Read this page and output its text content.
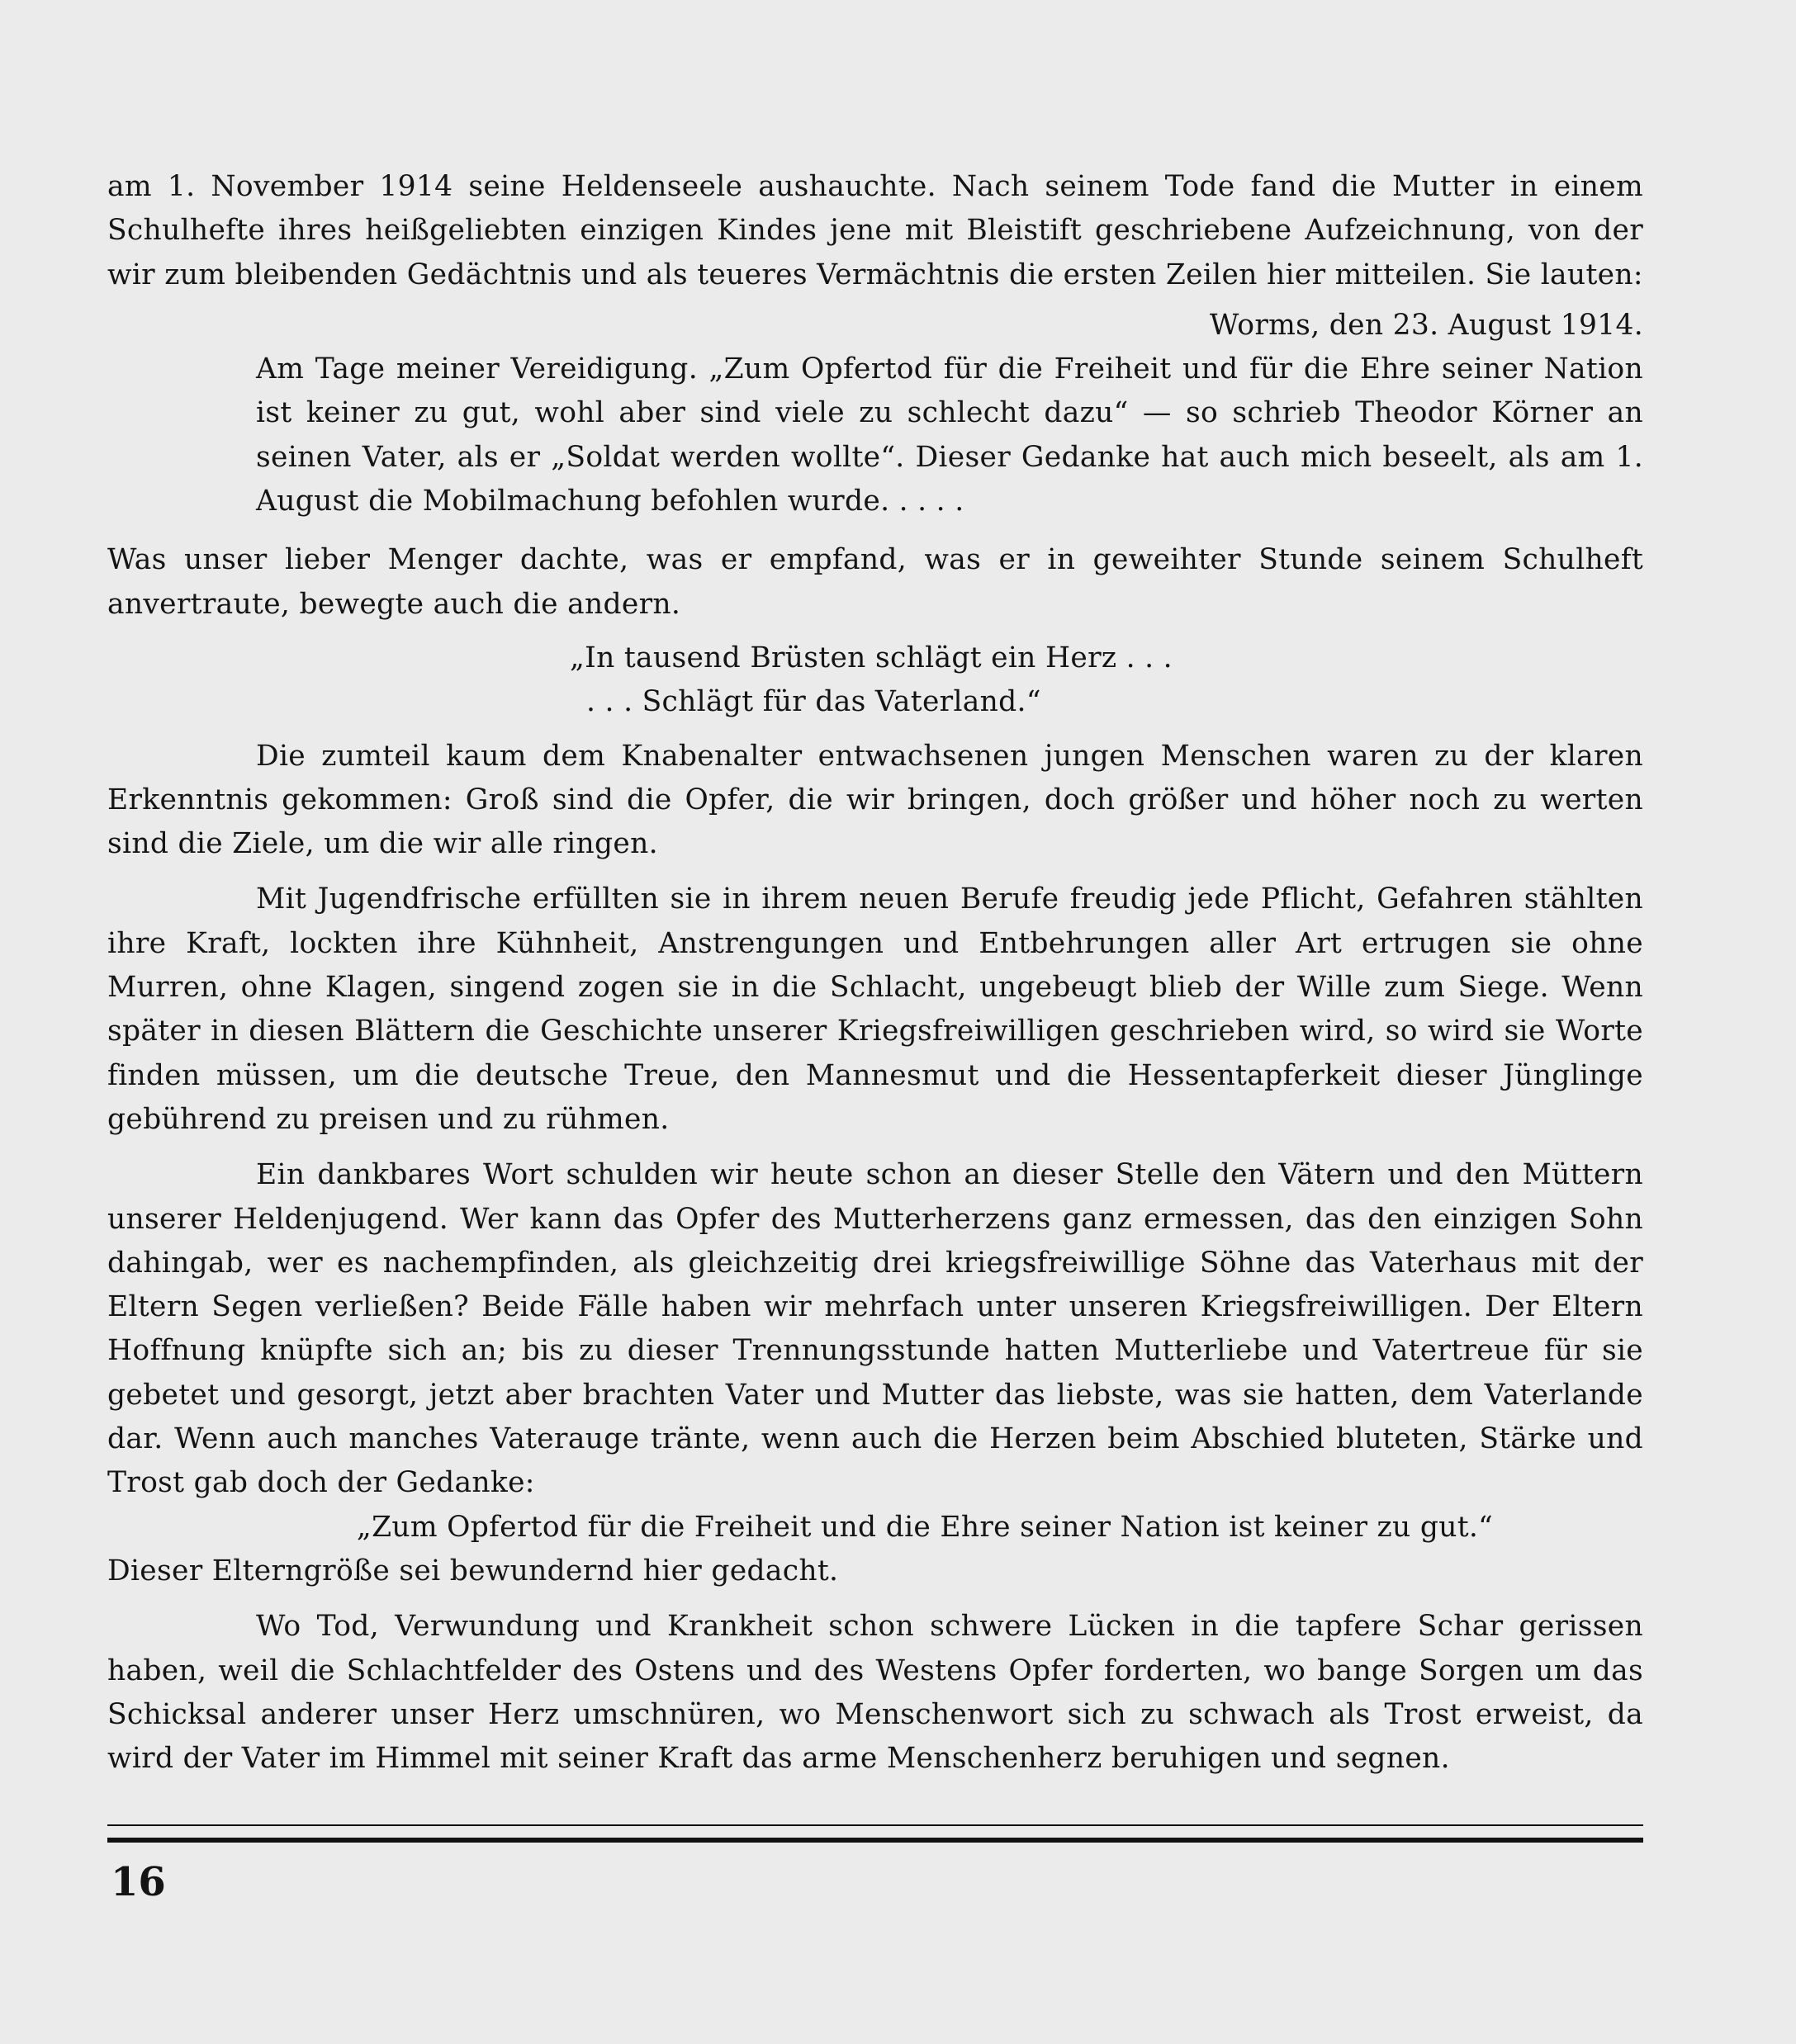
am 1. November 1914 seine Heldenseele aushauchte. Nach seinem Tode fand die Mutter in einem Schulhefte ihres heißgeliebten einzigen Kindes jene mit Bleistift geschriebene Aufzeichnung, von der wir zum bleibenden Gedächtnis und als teueres Vermächtnis die ersten Zeilen hier mitteilen. Sie lauten:

Worms, den 23. August 1914.

Am Tage meiner Vereidigung. „Zum Opfertod für die Freiheit und für die Ehre seiner Nation ist keiner zu gut, wohl aber sind viele zu schlecht dazu“ — so schrieb Theodor Körner an seinen Vater, als er „Soldat werden wollte“. Dieser Gedanke hat auch mich beseelt, als am 1. August die Mobilmachung befohlen wurde. . . . .

Was unser lieber Menger dachte, was er empfand, was er in geweihter Stunde seinem Schulheft anvertraute, bewegte auch die andern.

„In tausend Brüsten schlägt ein Herz . . .
. . . Schlägt für das Vaterland.“

Die zumteil kaum dem Knabenalter entwachsenen jungen Menschen waren zu der klaren Erkenntnis gekommen: Groß sind die Opfer, die wir bringen, doch größer und höher noch zu werten sind die Ziele, um die wir alle ringen.

Mit Jugendfrische erfüllten sie in ihrem neuen Berufe freudig jede Pflicht, Gefahren stählten ihre Kraft, lockten ihre Kühnheit, Anstrengungen und Entbehrungen aller Art ertrugen sie ohne Murren, ohne Klagen, singend zogen sie in die Schlacht, ungebeugt blieb der Wille zum Siege. Wenn später in diesen Blättern die Geschichte unserer Kriegsfreiwilligen geschrieben wird, so wird sie Worte finden müssen, um die deutsche Treue, den Mannesmut und die Hessentapferkeit dieser Jünglinge gebührend zu preisen und zu rühmen.

Ein dankbares Wort schulden wir heute schon an dieser Stelle den Vätern und den Müttern unserer Heldenjugend. Wer kann das Opfer des Mutterherzens ganz ermessen, das den einzigen Sohn dahingab, wer es nachempfinden, als gleichzeitig drei kriegsfreiwillige Söhne das Vaterhaus mit der Eltern Segen verließen? Beide Fälle haben wir mehrfach unter unseren Kriegsfreiwilligen. Der Eltern Hoffnung knüpfte sich an; bis zu dieser Trennungsstunde hatten Mutterliebe und Vatertreue für sie gebetet und gesorgt, jetzt aber brachten Vater und Mutter das liebste, was sie hatten, dem Vaterlande dar. Wenn auch manches Vaterauge tränte, wenn auch die Herzen beim Abschied bluteten, Stärke und Trost gab doch der Gedanke:

„Zum Opfertod für die Freiheit und die Ehre seiner Nation ist keiner zu gut.“

Dieser Elterngröße sei bewundernd hier gedacht.

Wo Tod, Verwundung und Krankheit schon schwere Lücken in die tapfere Schar gerissen haben, weil die Schlachtfelder des Ostens und des Westens Opfer forderten, wo bange Sorgen um das Schicksal anderer unser Herz umschnüren, wo Menschenwort sich zu schwach als Trost erweist, da wird der Vater im Himmel mit seiner Kraft das arme Menschenherz beruhigen und segnen.

16
